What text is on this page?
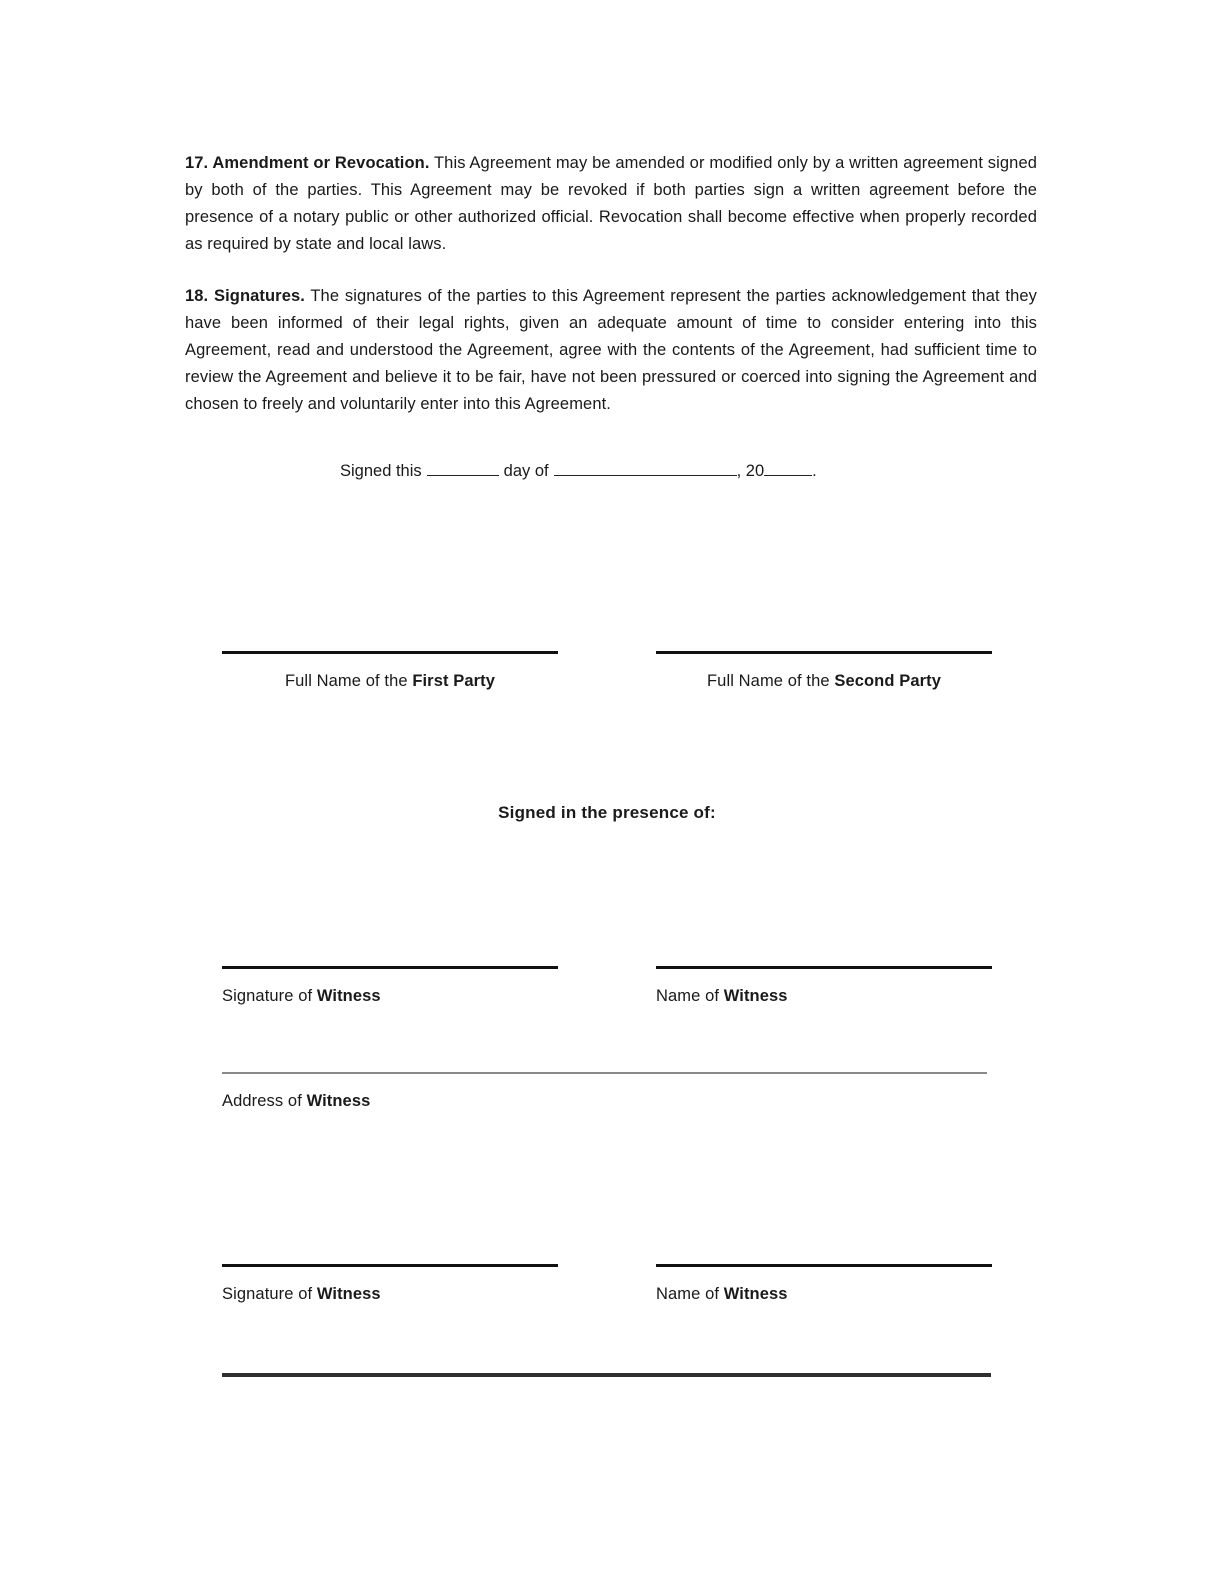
17. Amendment or Revocation. This Agreement may be amended or modified only by a written agreement signed by both of the parties. This Agreement may be revoked if both parties sign a written agreement before the presence of a notary public or other authorized official. Revocation shall become effective when properly recorded as required by state and local laws.

18. Signatures. The signatures of the parties to this Agreement represent the parties acknowledgement that they have been informed of their legal rights, given an adequate amount of time to consider entering into this Agreement, read and understood the Agreement, agree with the contents of the Agreement, had sufficient time to review the Agreement and believe it to be fair, have not been pressured or coerced into signing the Agreement and chosen to freely and voluntarily enter into this Agreement.

Signed this	day of	, 20	.

Full Name of the First Party	Full Name of the Second Party

Signed in the presence of:

Signature of Witness	Name of Witness
Address of Witness
Signature of Witness	Name of Witness
